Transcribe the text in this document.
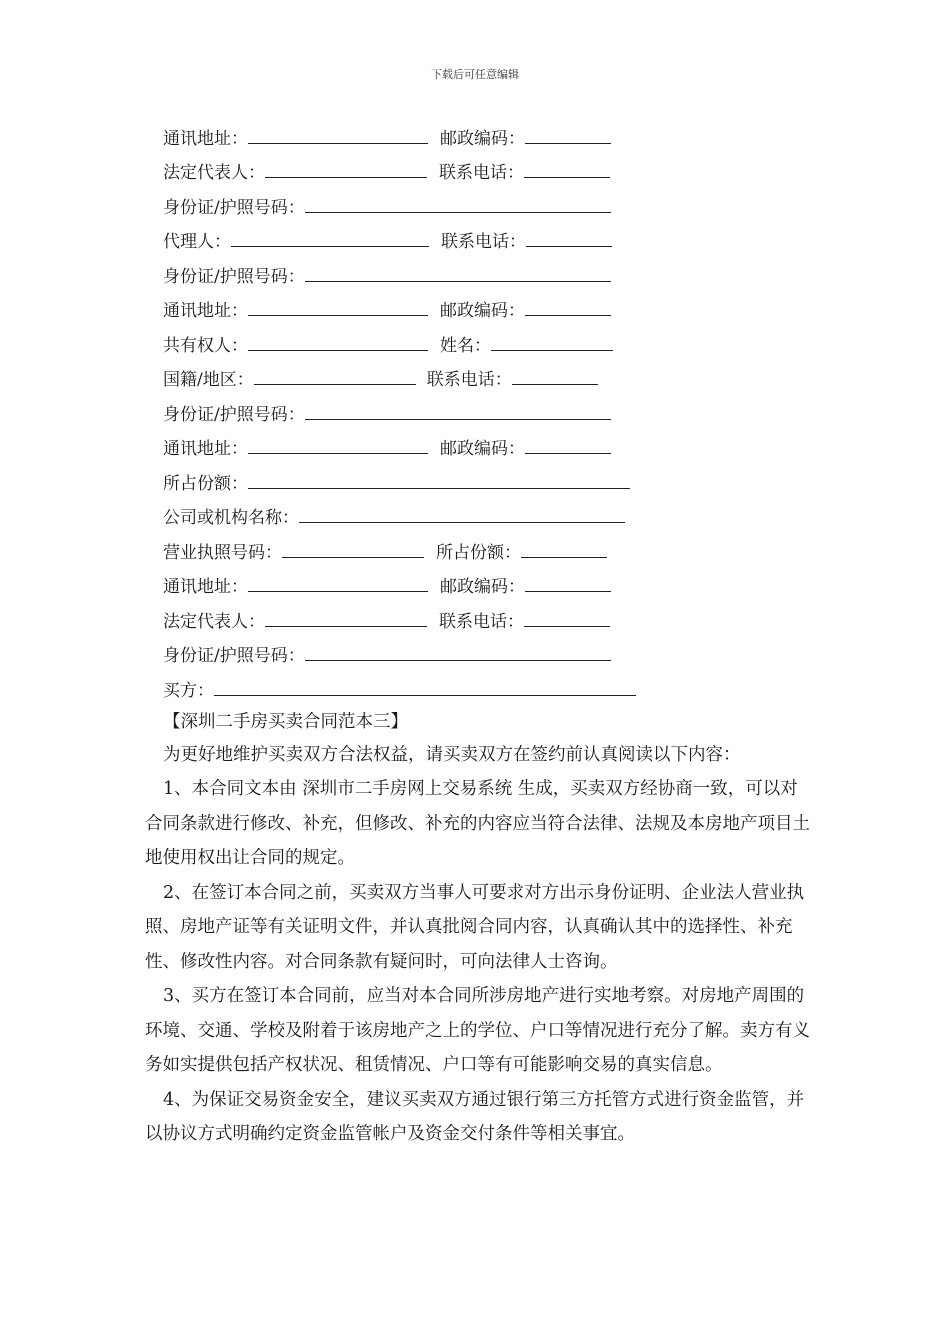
下载后可任意编辑
通讯地址：	邮政编码：
法定代表人：	联系电话：
身份证/护照号码：
代理人：	联系电话：
身份证/护照号码：
通讯地址：	邮政编码：
共有权人：	姓名：
国籍/地区：	联系电话：
身份证/护照号码：
通讯地址：	邮政编码：
所占份额：
公司或机构名称：
营业执照号码：	所占份额：
通讯地址：	邮政编码：
法定代表人：	联系电话：
身份证/护照号码：
买方：

【深圳二手房买卖合同范本三】

为更好地维护买卖双方合法权益，请买卖双方在签约前认真阅读以下内容：

1、本合同文本由 深圳市二手房网上交易系统 生成，买卖双方经协商一致，可以对合同条款进行修改、补充，但修改、补充的内容应当符合法律、法规及本房地产项目土地使用权出让合同的规定。

2、在签订本合同之前，买卖双方当事人可要求对方出示身份证明、企业法人营业执照、房地产证等有关证明文件，并认真批阅合同内容，认真确认其中的选择性、补充性、修改性内容。对合同条款有疑问时，可向法律人士咨询。

3、买方在签订本合同前，应当对本合同所涉房地产进行实地考察。对房地产周围的环境、交通、学校及附着于该房地产之上的学位、户口等情况进行充分了解。卖方有义务如实提供包括产权状况、租赁情况、户口等有可能影响交易的真实信息。

4、为保证交易资金安全，建议买卖双方通过银行第三方托管方式进行资金监管，并以协议方式明确约定资金监管帐户及资金交付条件等相关事宜。
